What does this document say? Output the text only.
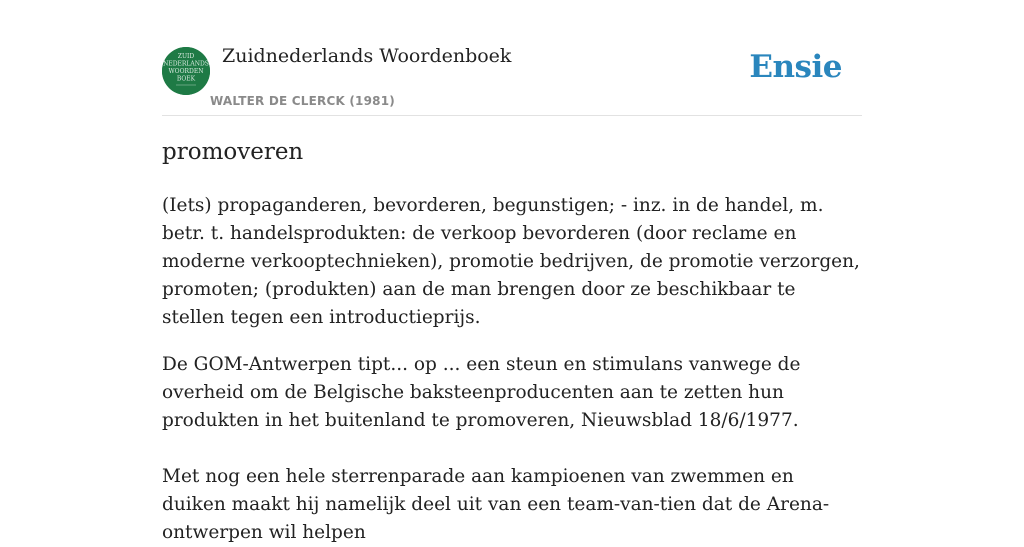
ZUID
NEDERLANDS
WOORDEN
BOEK
Zuidnederlands Woordenboek
WALTER DE CLERCK (1981)
Ensie
promoveren

(Iets) propaganderen, bevorderen, begunstigen; - inz. in de handel, m. betr. t. handelsprodukten: de verkoop bevorderen (door reclame en moderne verkooptechnieken), promotie bedrijven, de promotie verzorgen, promoten; (produkten) aan de man brengen door ze beschikbaar te stellen tegen een introductieprijs.

De GOM-Antwerpen tipt... op ... een steun en stimulans vanwege de overheid om de Belgische baksteenproducenten aan te zetten hun produkten in het buitenland te promoveren, Nieuwsblad 18/6/1977.

Met nog een hele sterrenparade aan kampioenen van zwemmen en duiken maakt hij namelijk deel uit van een team-van-tien dat de Arena-ontwerpen wil helpen
